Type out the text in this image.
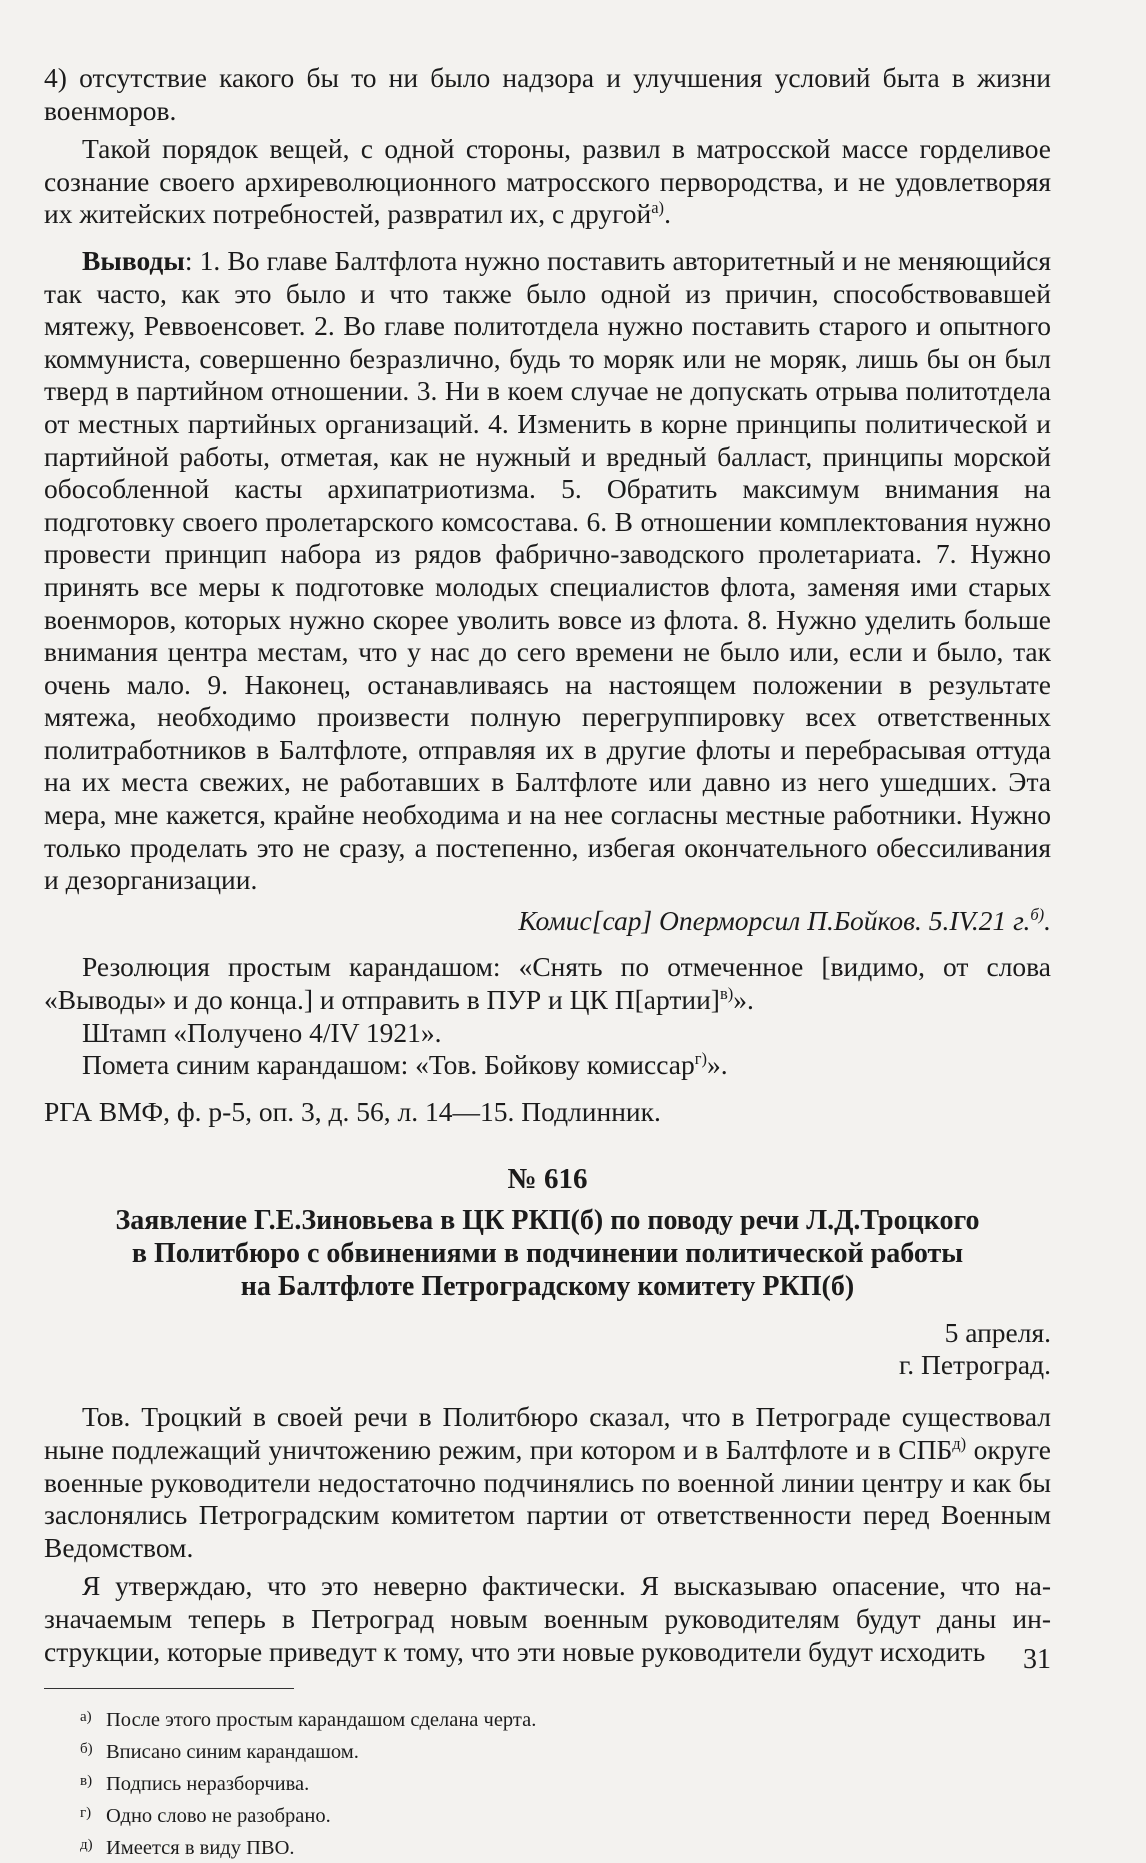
4) отсутствие какого бы то ни было надзора и улучшения условий быта в жизни военморов.

Такой порядок вещей, с одной стороны, развил в матросской массе горделивое сознание своего архиреволюционного матросского первородства, и не удовлетворяя их житейских потребностей, развратил их, с другой$^{а)}$.

Выводы: 1. Во главе Балтфлота нужно поставить авторитетный и не меняющийся так часто, как это было и что также было одной из причин, способствовавшей мятежу, Реввоенсовет. 2. Во главе политотдела нужно поставить старого и опытного коммуниста, совершенно безразлично, будь то моряк или не моряк, лишь бы он был тверд в партийном отношении. 3. Ни в коем случае не допускать отрыва политотдела от местных партийных организаций. 4. Изменить в корне принципы политической и партийной работы, отметая, как не нужный и вредный балласт, принципы морской обособленной касты архипатриотизма. 5. Обратить максимум внимания на подготовку своего пролетарского комсостава. 6. В отношении комплектования нужно провести принцип набора из рядов фабрично-заводского пролетариата. 7. Нужно принять все меры к подготовке молодых специалистов флота, заменяя ими старых военморов, которых нужно скорее уволить вовсе из флота. 8. Нужно уделить больше внимания центра местам, что у нас до сего времени не было или, если и было, так очень мало. 9. Наконец, останавливаясь на настоящем положении в результате мятежа, необходимо произвести полную перегруппировку всех ответственных политработников в Балтфлоте, отправляя их в другие флоты и перебрасывая оттуда на их места свежих, не работавших в Балтфлоте или давно из него ушедших. Эта мера, мне кажется, крайне необходима и на нее согласны местные работники. Нужно только проделать это не сразу, а постепенно, избегая окончательного обессиливания и дезорганизации.

Комис[сар] Оперморсил П.Бойков. 5.IV.21 г.$^{б)}$.

Резолюция простым карандашом: «Снять по отмеченное [видимо, от слова «Выводы» и до конца.] и отправить в ПУР и ЦК П[артии]$^{в)}$».

Штамп «Получено 4/IV 1921».

Помета синим карандашом: «Тов. Бойкову комиссар$^{г)}$».

РГА ВМФ, ф. р-5, оп. 3, д. 56, л. 14—15. Подлинник.

№ 616

Заявление Г.Е.Зиновьева в ЦК РКП(б) по поводу речи Л.Д.Троцкого
в Политбюро с обвинениями в подчинении политической работы
на Балтфлоте Петроградскому комитету РКП(б)
5 апреля.
г. Петроград.

Тов. Троцкий в своей речи в Политбюро сказал, что в Петрограде существовал ныне подлежащий уничтожению режим, при котором и в Балтфлоте и в $СПБ^{д)}$ округе военные руководители недостаточно подчинялись по военной линии центру и как бы заслонялись Петроградским комитетом партии от ответственности перед Военным Ведомством.

Я утверждаю, что это неверно фактически. Я высказываю опасение, что назначаемым теперь в Петроград новым военным руководителям будут даны инструкции, которые приведут к тому, что эти новые руководители будут исходить

а) После этого простым карандашом сделана черта.
б) Вписано синим карандашом.
в) Подпись неразборчива.
г) Одно слово не разобрано.
д) Имеется в виду ПВО.
31
